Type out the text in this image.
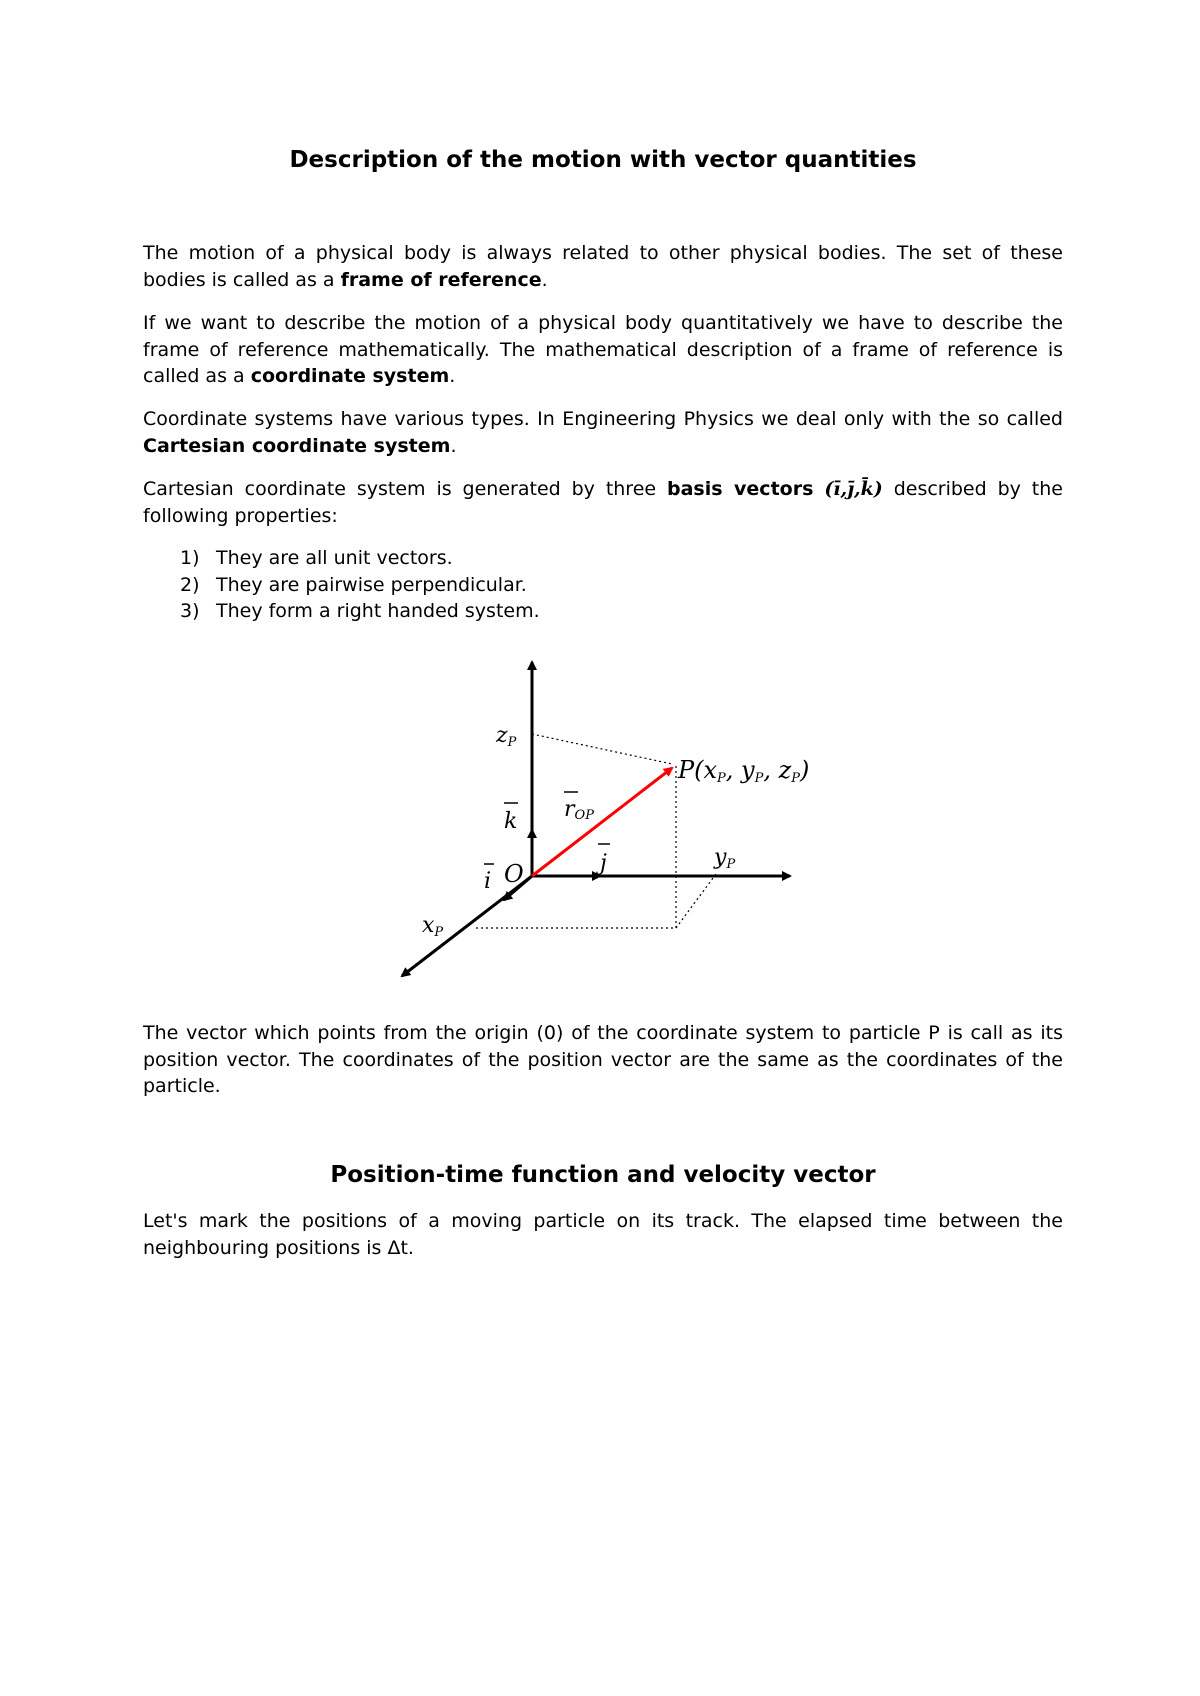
Description of the motion with vector quantities

The motion of a physical body is always related to other physical bodies. The set of these bodies is called as a frame of reference.

If we want to describe the motion of a physical body quantitatively we have to describe the frame of reference mathematically. The mathematical description of a frame of reference is called as a coordinate system.

Coordinate systems have various types. In Engineering Physics we deal only with the so called Cartesian coordinate system.

Cartesian coordinate system is generated by three basis vectors (ī,j̄,k̄) described by the following properties:

1) They are all unit vectors.
2) They are pairwise perpendicular.
3) They form a right handed system.

The vector which points from the origin (0) of the coordinate system to particle P is call as its position vector. The coordinates of the position vector are the same as the coordinates of the particle.

Position-time function and velocity vector

Let's mark the positions of a moving particle on its track. The elapsed time between the neighbouring positions is Δt.

zP
P(xP, yP, zP)
rOP
k
j
i O
yP
xP
